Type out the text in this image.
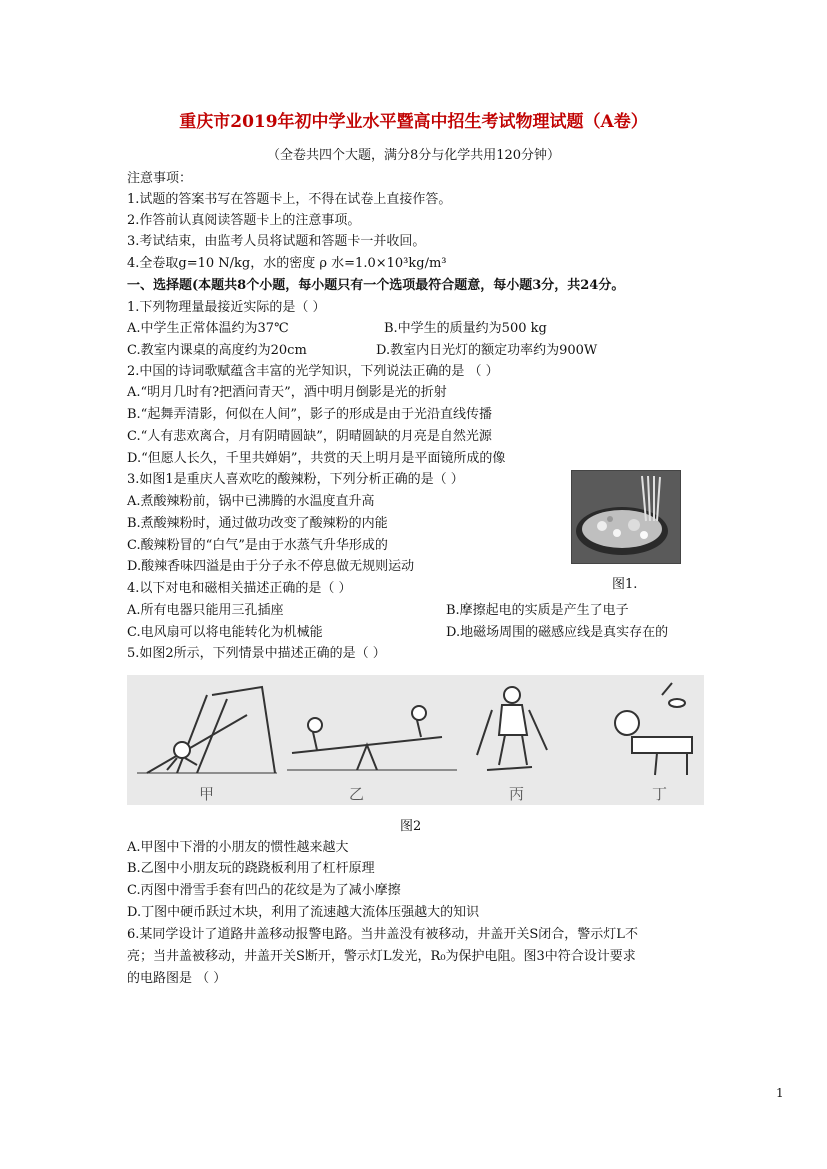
重庆市2019年初中学业水平暨高中招生考试物理试题（A卷）
（全卷共四个大题，满分8分与化学共用120分钟）
注意事项：
1.试题的答案书写在答题卡上，不得在试卷上直接作答。
2.作答前认真阅读答题卡上的注意事项。
3.考试结束，由监考人员将试题和答题卡一并收回。
4.全卷取g=10 N/kg，水的密度 ρ 水=1.0×10³kg/m³
一、选择题(本题共8个小题，每小题只有一个选项最符合题意，每小题3分，共24分。
1.下列物理量最接近实际的是（ ）
A.中学生正常体温约为37℃	B.中学生的质量约为500 kg
C.教室内课桌的高度约为20cm	D.教室内日光灯的额定功率约为900W
2.中国的诗词歌赋蕴含丰富的光学知识，下列说法正确的是 （ ）
A.“明月几时有?把酒问青天”，酒中明月倒影是光的折射
B.“起舞弄清影，何似在人间”，影子的形成是由于光沿直线传播
C.“人有悲欢离合，月有阴晴圆缺”，阴晴圆缺的月亮是自然光源
D.“但愿人长久，千里共婵娟”，共赏的天上明月是平面镜所成的像
3.如图1是重庆人喜欢吃的酸辣粉，下列分析正确的是（ ）
A.煮酸辣粉前，锅中已沸腾的水温度直升高
B.煮酸辣粉时，通过做功改变了酸辣粉的内能
C.酸辣粉冒的“白气”是由于水蒸气升华形成的
D.酸辣香味四溢是由于分子永不停息做无规则运动
图1.
4.以下对电和磁相关描述正确的是（ ）
A.所有电器只能用三孔插座	B.摩擦起电的实质是产生了电子
C.电风扇可以将电能转化为机械能	D.地磁场周围的磁感应线是真实存在的
5.如图2所示，下列情景中描述正确的是（ ）
甲	乙	丙	丁
图2
A.甲图中下滑的小朋友的惯性越来越大
B.乙图中小朋友玩的跷跷板利用了杠杆原理
C.丙图中滑雪手套有凹凸的花纹是为了减小摩擦
D.丁图中硬币跃过木块，利用了流速越大流体压强越大的知识
6.某同学设计了道路井盖移动报警电路。当井盖没有被移动，井盖开关S闭合，警示灯L不
亮；当井盖被移动，井盖开关S断开，警示灯L发光，R₀为保护电阻。图3中符合设计要求
的电路图是 （ ）
1
